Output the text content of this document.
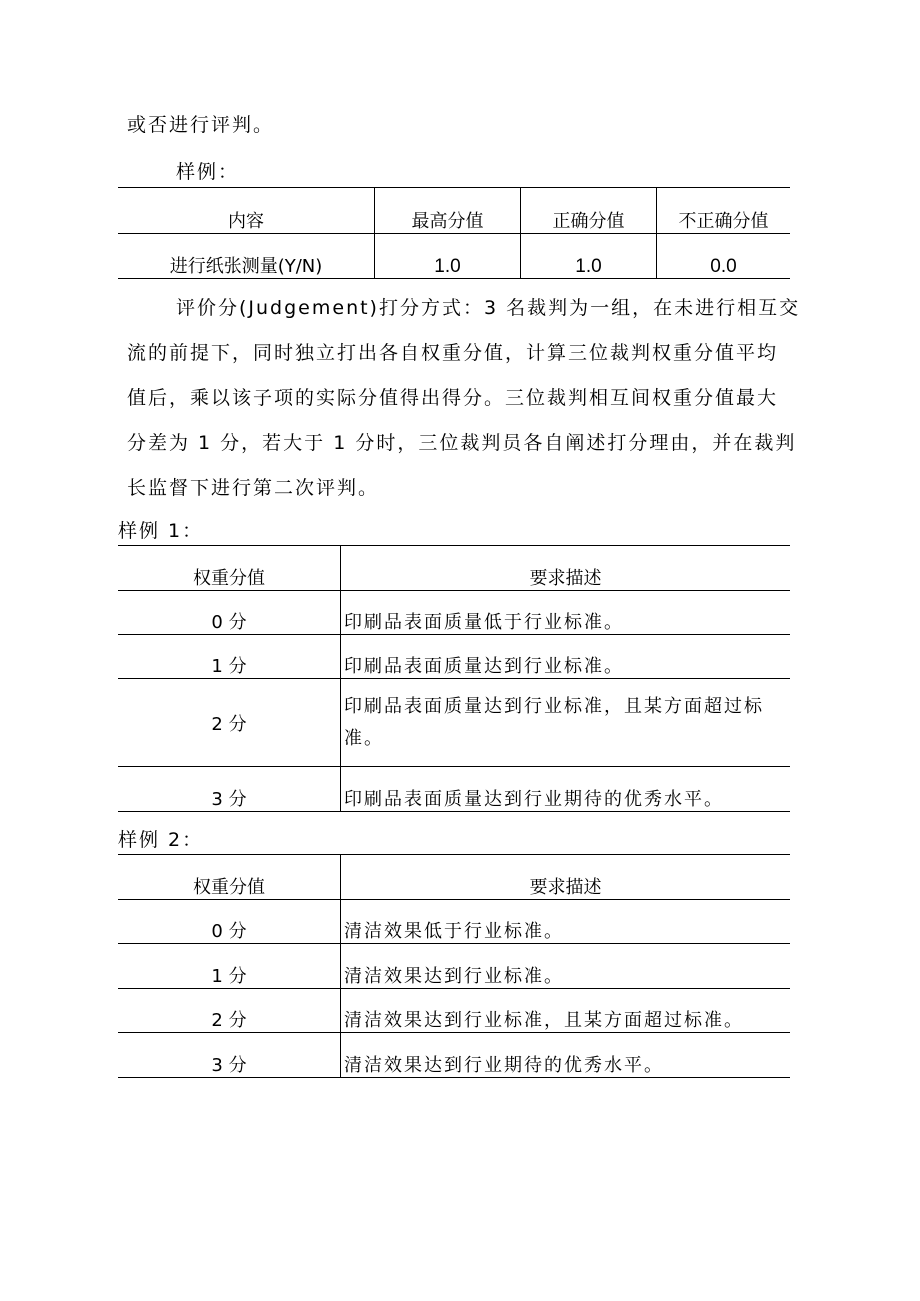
或否进行评判。
样例：
内容	最高分值	正确分值	不正确分值
进行纸张测量(Y/N)	1.0	1.0	0.0
评价分(Judgement)打分方式：3 名裁判为一组，在未进行相互交
流的前提下，同时独立打出各自权重分值，计算三位裁判权重分值平均
值后，乘以该子项的实际分值得出得分。三位裁判相互间权重分值最大
分差为 1 分，若大于 1 分时，三位裁判员各自阐述打分理由，并在裁判
长监督下进行第二次评判。
样例 1：
权重分值	要求描述
0 分	印刷品表面质量低于行业标准。
1 分	印刷品表面质量达到行业标准。
2 分	印刷品表面质量达到行业标准，且某方面超过标准。
3 分	印刷品表面质量达到行业期待的优秀水平。
样例 2：
权重分值	要求描述
0 分	清洁效果低于行业标准。
1 分	清洁效果达到行业标准。
2 分	清洁效果达到行业标准，且某方面超过标准。
3 分	清洁效果达到行业期待的优秀水平。
